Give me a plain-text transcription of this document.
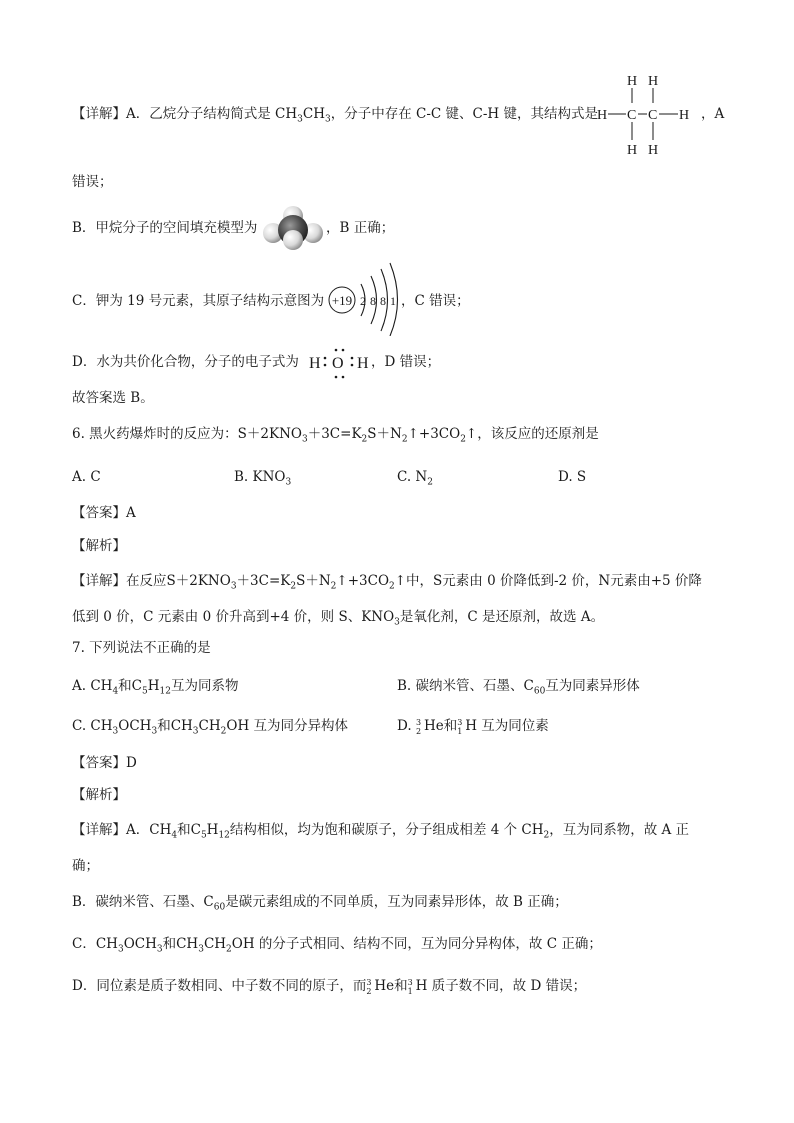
【详解】A．乙烷分子结构简式是 $CH_3CH_3$，分子中存在 C-C 键、C-H 键，其结构式是
H H
H C C H
H H
，A
错误；
B．甲烷分子的空间填充模型为	，B 正确；
C．钾为 19 号元素，其原子结构示意图为 +19 2 8 8 1 ，C 错误；
D．水为共价化合物，分子的电子式为 H O H ，D 错误；
故答案选 B。
6. 黑火药爆炸时的反应为：$S+2KNO_3+3C=K_2S+N_2↑+3CO_2↑$，该反应的还原剂是
A. C	B. $KNO_3$	C. $N_2$	D. S
【答案】A
【解析】
【详解】在反应$S+2KNO_3+3C=K_2S+N_2↑+3CO_2↑$中，S元素由 0 价降低到-2 价，N元素由+5 价降
低到 0 价，C 元素由 0 价升高到+4 价，则 S、$KNO_3$是氧化剂，C 是还原剂，故选 A。
7. 下列说法不正确的是
A. $CH_4$和$C_5H_{12}$互为同系物	B. 碳纳米管、石墨、$C_{60}$互为同素异形体
C. $CH_3OCH_3$和$CH_3CH_2OH$ 互为同分异构体	D. 3
2 He和 3
1 H 互为同位素
【答案】D
【解析】
【详解】A．$CH_4$和$C_5H_{12}$结构相似，均为饱和碳原子，分子组成相差 4 个 $CH_2$，互为同系物，故 A 正
确；
B．碳纳米管、石墨、$C_{60}$是碳元素组成的不同单质，互为同素异形体，故 B 正确；
C．$CH_3OCH_3$和$CH_3CH_2OH$ 的分子式相同、结构不同，互为同分异构体，故 C 正确；
D．同位素是质子数相同、中子数不同的原子，而 3
2 He和 3
1 H 质子数不同，故 D 错误；
